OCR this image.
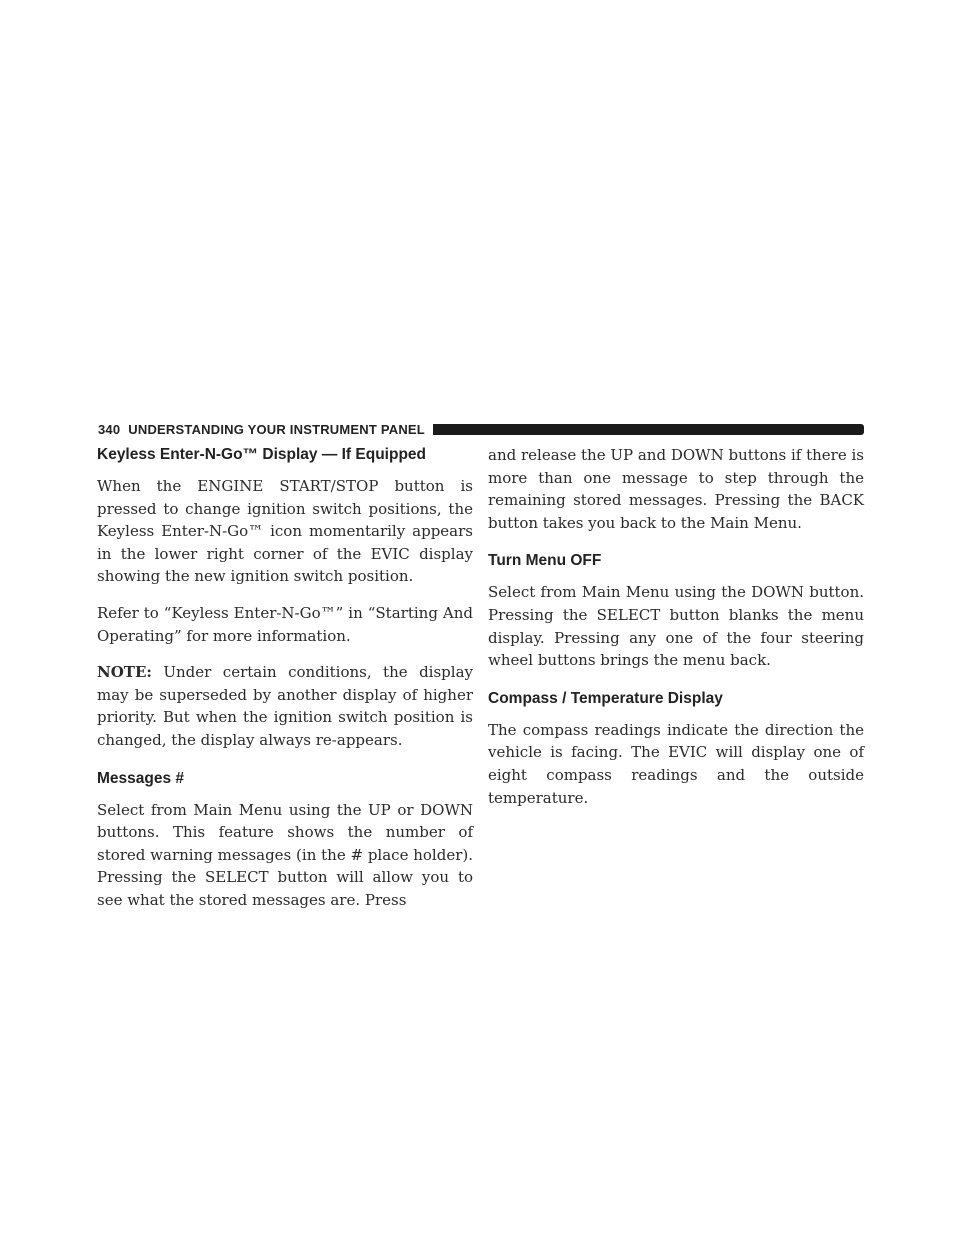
340 UNDERSTANDING YOUR INSTRUMENT PANEL
Keyless Enter-N-Go™ Display — If Equipped

When the ENGINE START/STOP button is pressed to change ignition switch positions, the Keyless Enter-N-Go™ icon momentarily appears in the lower right corner of the EVIC display showing the new ignition switch position.

Refer to “Keyless Enter-N-Go™” in “Starting And Operating” for more information.

NOTE: Under certain conditions, the display may be superseded by another display of higher priority. But when the ignition switch position is changed, the display always re-appears.

Messages #

Select from Main Menu using the UP or DOWN buttons. This feature shows the number of stored warning messages (in the # place holder). Pressing the SELECT button will allow you to see what the stored messages are. Press

and release the UP and DOWN buttons if there is more than one message to step through the remaining stored messages. Pressing the BACK button takes you back to the Main Menu.

Turn Menu OFF

Select from Main Menu using the DOWN button. Pressing the SELECT button blanks the menu display. Pressing any one of the four steering wheel buttons brings the menu back.

Compass / Temperature Display

The compass readings indicate the direction the vehicle is facing. The EVIC will display one of eight compass readings and the outside temperature.
